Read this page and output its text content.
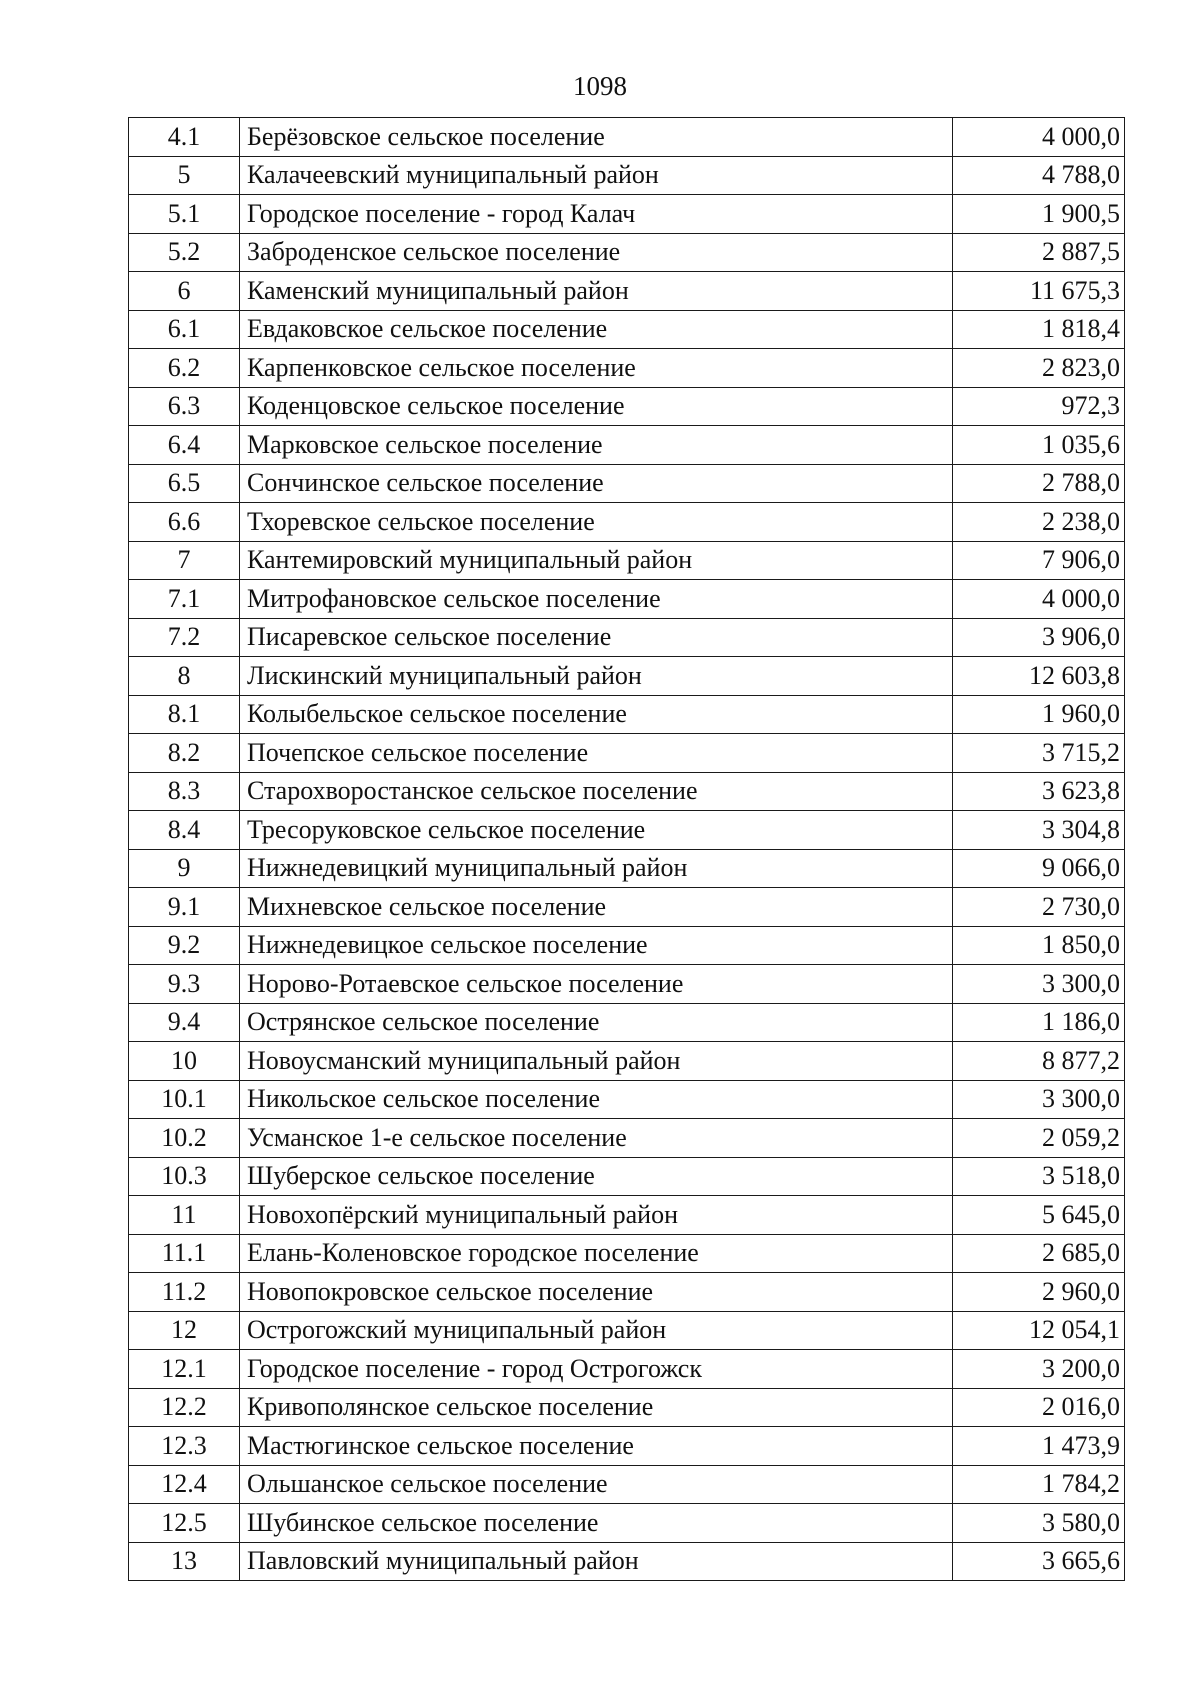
1098
4.1	Берёзовское сельское поселение	4 000,0
5	Калачеевский муниципальный район	4 788,0
5.1	Городское поселение - город Калач	1 900,5
5.2	Заброденское сельское поселение	2 887,5
6	Каменский муниципальный район	11 675,3
6.1	Евдаковское сельское поселение	1 818,4
6.2	Карпенковское сельское поселение	2 823,0
6.3	Коденцовское сельское поселение	972,3
6.4	Марковское сельское поселение	1 035,6
6.5	Сончинское сельское поселение	2 788,0
6.6	Тхоревское сельское поселение	2 238,0
7	Кантемировский муниципальный район	7 906,0
7.1	Митрофановское сельское поселение	4 000,0
7.2	Писаревское сельское поселение	3 906,0
8	Лискинский муниципальный район	12 603,8
8.1	Колыбельское сельское поселение	1 960,0
8.2	Почепское сельское поселение	3 715,2
8.3	Старохворостанское сельское поселение	3 623,8
8.4	Тресоруковское сельское поселение	3 304,8
9	Нижнедевицкий муниципальный район	9 066,0
9.1	Михневское сельское поселение	2 730,0
9.2	Нижнедевицкое сельское поселение	1 850,0
9.3	Норово-Ротаевское сельское поселение	3 300,0
9.4	Острянское сельское поселение	1 186,0
10	Новоусманский муниципальный район	8 877,2
10.1	Никольское сельское поселение	3 300,0
10.2	Усманское 1-е сельское поселение	2 059,2
10.3	Шуберское сельское поселение	3 518,0
11	Новохопёрский муниципальный район	5 645,0
11.1	Елань-Коленовское городское поселение	2 685,0
11.2	Новопокровское сельское поселение	2 960,0
12	Острогожский муниципальный район	12 054,1
12.1	Городское поселение - город Острогожск	3 200,0
12.2	Кривополянское сельское поселение	2 016,0
12.3	Мастюгинское сельское поселение	1 473,9
12.4	Ольшанское сельское поселение	1 784,2
12.5	Шубинское сельское поселение	3 580,0
13	Павловский муниципальный район	3 665,6
